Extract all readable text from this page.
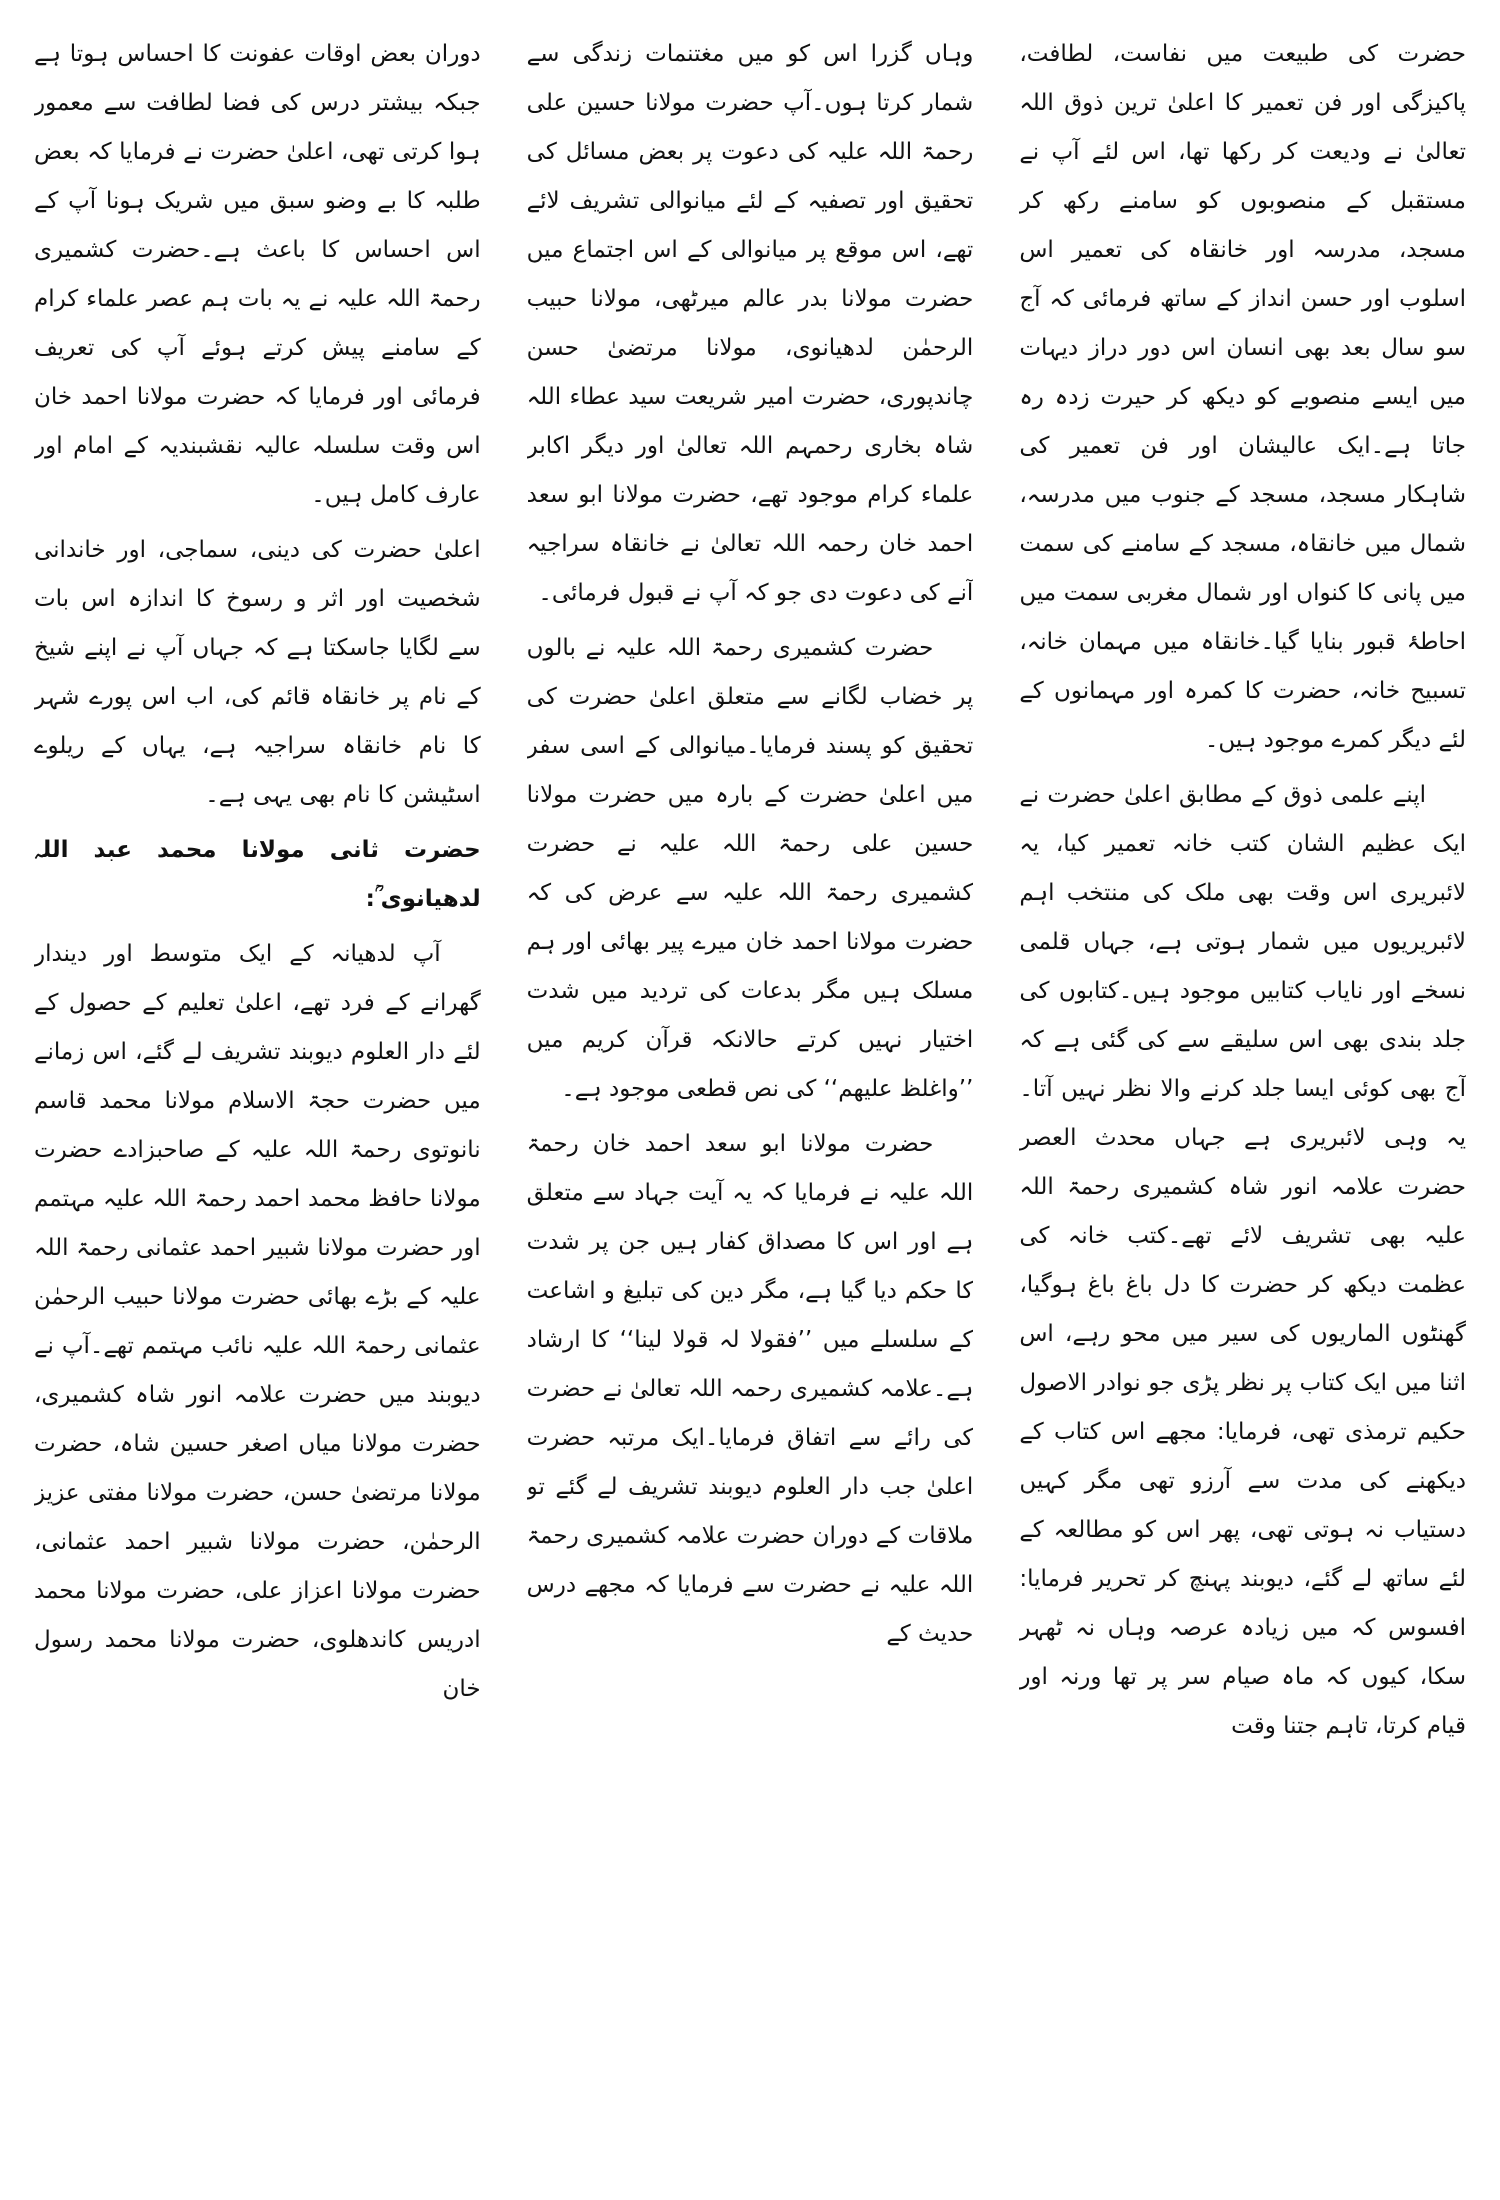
حضرت کی طبیعت میں نفاست، لطافت، پاکیزگی اور فن تعمیر کا اعلیٰ ترین ذوق اللہ تعالیٰ نے ودیعت کر رکھا تھا، اس لئے آپ نے مستقبل کے منصوبوں کو سامنے رکھ کر مسجد، مدرسہ اور خانقاہ کی تعمیر اس اسلوب اور حسن انداز کے ساتھ فرمائی کہ آج سو سال بعد بھی انسان اس دور دراز دیہات میں ایسے منصوبے کو دیکھ کر حیرت زدہ رہ جاتا ہے۔ایک عالیشان اور فن تعمیر کی شاہکار مسجد، مسجد کے جنوب میں مدرسہ، شمال میں خانقاہ، مسجد کے سامنے کی سمت میں پانی کا کنواں اور شمال مغربی سمت میں احاطۂ قبور بنایا گیا۔خانقاہ میں مہمان خانہ، تسبیح خانہ، حضرت کا کمرہ اور مہمانوں کے لئے دیگر کمرے موجود ہیں۔

اپنے علمی ذوق کے مطابق اعلیٰ حضرت نے ایک عظیم الشان کتب خانہ تعمیر کیا، یہ لائبریری اس وقت بھی ملک کی منتخب اہم لائبریریوں میں شمار ہوتی ہے، جہاں قلمی نسخے اور نایاب کتابیں موجود ہیں۔کتابوں کی جلد بندی بھی اس سلیقے سے کی گئی ہے کہ آج بھی کوئی ایسا جلد کرنے والا نظر نہیں آتا۔یہ وہی لائبریری ہے جہاں محدث العصر حضرت علامہ انور شاہ کشمیری رحمۃ اللہ علیہ بھی تشریف لائے تھے۔کتب خانہ کی عظمت دیکھ کر حضرت کا دل باغ باغ ہوگیا، گھنٹوں الماریوں کی سیر میں محو رہے، اس اثنا میں ایک کتاب پر نظر پڑی جو نوادر الاصول حکیم ترمذی تھی، فرمایا: مجھے اس کتاب کے دیکھنے کی مدت سے آرزو تھی مگر کہیں دستیاب نہ ہوتی تھی، پھر اس کو مطالعہ کے لئے ساتھ لے گئے، دیوبند پہنچ کر تحریر فرمایا: افسوس کہ میں زیادہ عرصہ وہاں نہ ٹھہر سکا، کیوں کہ ماہ صیام سر پر تھا ورنہ اور قیام کرتا، تاہم جتنا وقت

وہاں گزرا اس کو میں مغتنمات زندگی سے شمار کرتا ہوں۔آپ حضرت مولانا حسین علی رحمۃ اللہ علیہ کی دعوت پر بعض مسائل کی تحقیق اور تصفیہ کے لئے میانوالی تشریف لائے تھے، اس موقع پر میانوالی کے اس اجتماع میں حضرت مولانا بدر عالم میرٹھی، مولانا حبیب الرحمٰن لدھیانوی، مولانا مرتضیٰ حسن چاندپوری، حضرت امیر شریعت سید عطاء اللہ شاہ بخاری رحمہم اللہ تعالیٰ اور دیگر اکابر علماء کرام موجود تھے، حضرت مولانا ابو سعد احمد خان رحمہ اللہ تعالیٰ نے خانقاہ سراجیہ آنے کی دعوت دی جو کہ آپ نے قبول فرمائی۔

حضرت کشمیری رحمۃ اللہ علیہ نے بالوں پر خضاب لگانے سے متعلق اعلیٰ حضرت کی تحقیق کو پسند فرمایا۔میانوالی کے اسی سفر میں اعلیٰ حضرت کے بارہ میں حضرت مولانا حسین علی رحمۃ اللہ علیہ نے حضرت کشمیری رحمۃ اللہ علیہ سے عرض کی کہ حضرت مولانا احمد خان میرے پیر بھائی اور ہم مسلک ہیں مگر بدعات کی تردید میں شدت اختیار نہیں کرتے حالانکہ قرآن کریم میں ’’واغلظ علیھم‘‘ کی نص قطعی موجود ہے۔

حضرت مولانا ابو سعد احمد خان رحمۃ اللہ علیہ نے فرمایا کہ یہ آیت جہاد سے متعلق ہے اور اس کا مصداق کفار ہیں جن پر شدت کا حکم دیا گیا ہے، مگر دین کی تبلیغ و اشاعت کے سلسلے میں ’’فقولا لہ قولا لینا‘‘ کا ارشاد ہے۔علامہ کشمیری رحمہ اللہ تعالیٰ نے حضرت کی رائے سے اتفاق فرمایا۔ایک مرتبہ حضرت اعلیٰ جب دار العلوم دیوبند تشریف لے گئے تو ملاقات کے دوران حضرت علامہ کشمیری رحمۃ اللہ علیہ نے حضرت سے فرمایا کہ مجھے درس حدیث کے

دوران بعض اوقات عفونت کا احساس ہوتا ہے جبکہ بیشتر درس کی فضا لطافت سے معمور ہوا کرتی تھی، اعلیٰ حضرت نے فرمایا کہ بعض طلبہ کا بے وضو سبق میں شریک ہونا آپ کے اس احساس کا باعث ہے۔حضرت کشمیری رحمۃ اللہ علیہ نے یہ بات ہم عصر علماء کرام کے سامنے پیش کرتے ہوئے آپ کی تعریف فرمائی اور فرمایا کہ حضرت مولانا احمد خان اس وقت سلسلہ عالیہ نقشبندیہ کے امام اور عارف کامل ہیں۔

اعلیٰ حضرت کی دینی، سماجی، اور خاندانی شخصیت اور اثر و رسوخ کا اندازہ اس بات سے لگایا جاسکتا ہے کہ جہاں آپ نے اپنے شیخ کے نام پر خانقاہ قائم کی، اب اس پورے شہر کا نام خانقاہ سراجیہ ہے، یہاں کے ریلوے اسٹیشن کا نام بھی یہی ہے۔

حضرت ثانی مولانا محمد عبد اللہ لدھیانوی ؒ:

آپ لدھیانہ کے ایک متوسط اور دیندار گھرانے کے فرد تھے، اعلیٰ تعلیم کے حصول کے لئے دار العلوم دیوبند تشریف لے گئے، اس زمانے میں حضرت حجۃ الاسلام مولانا محمد قاسم نانوتوی رحمۃ اللہ علیہ کے صاحبزادے حضرت مولانا حافظ محمد احمد رحمۃ اللہ علیہ مہتمم اور حضرت مولانا شبیر احمد عثمانی رحمۃ اللہ علیہ کے بڑے بھائی حضرت مولانا حبیب الرحمٰن عثمانی رحمۃ اللہ علیہ نائب مہتمم تھے۔آپ نے دیوبند میں حضرت علامہ انور شاہ کشمیری، حضرت مولانا میاں اصغر حسین شاہ، حضرت مولانا مرتضیٰ حسن، حضرت مولانا مفتی عزیز الرحمٰن، حضرت مولانا شبیر احمد عثمانی، حضرت مولانا اعزاز علی، حضرت مولانا محمد ادریس کاندھلوی، حضرت مولانا محمد رسول خان
